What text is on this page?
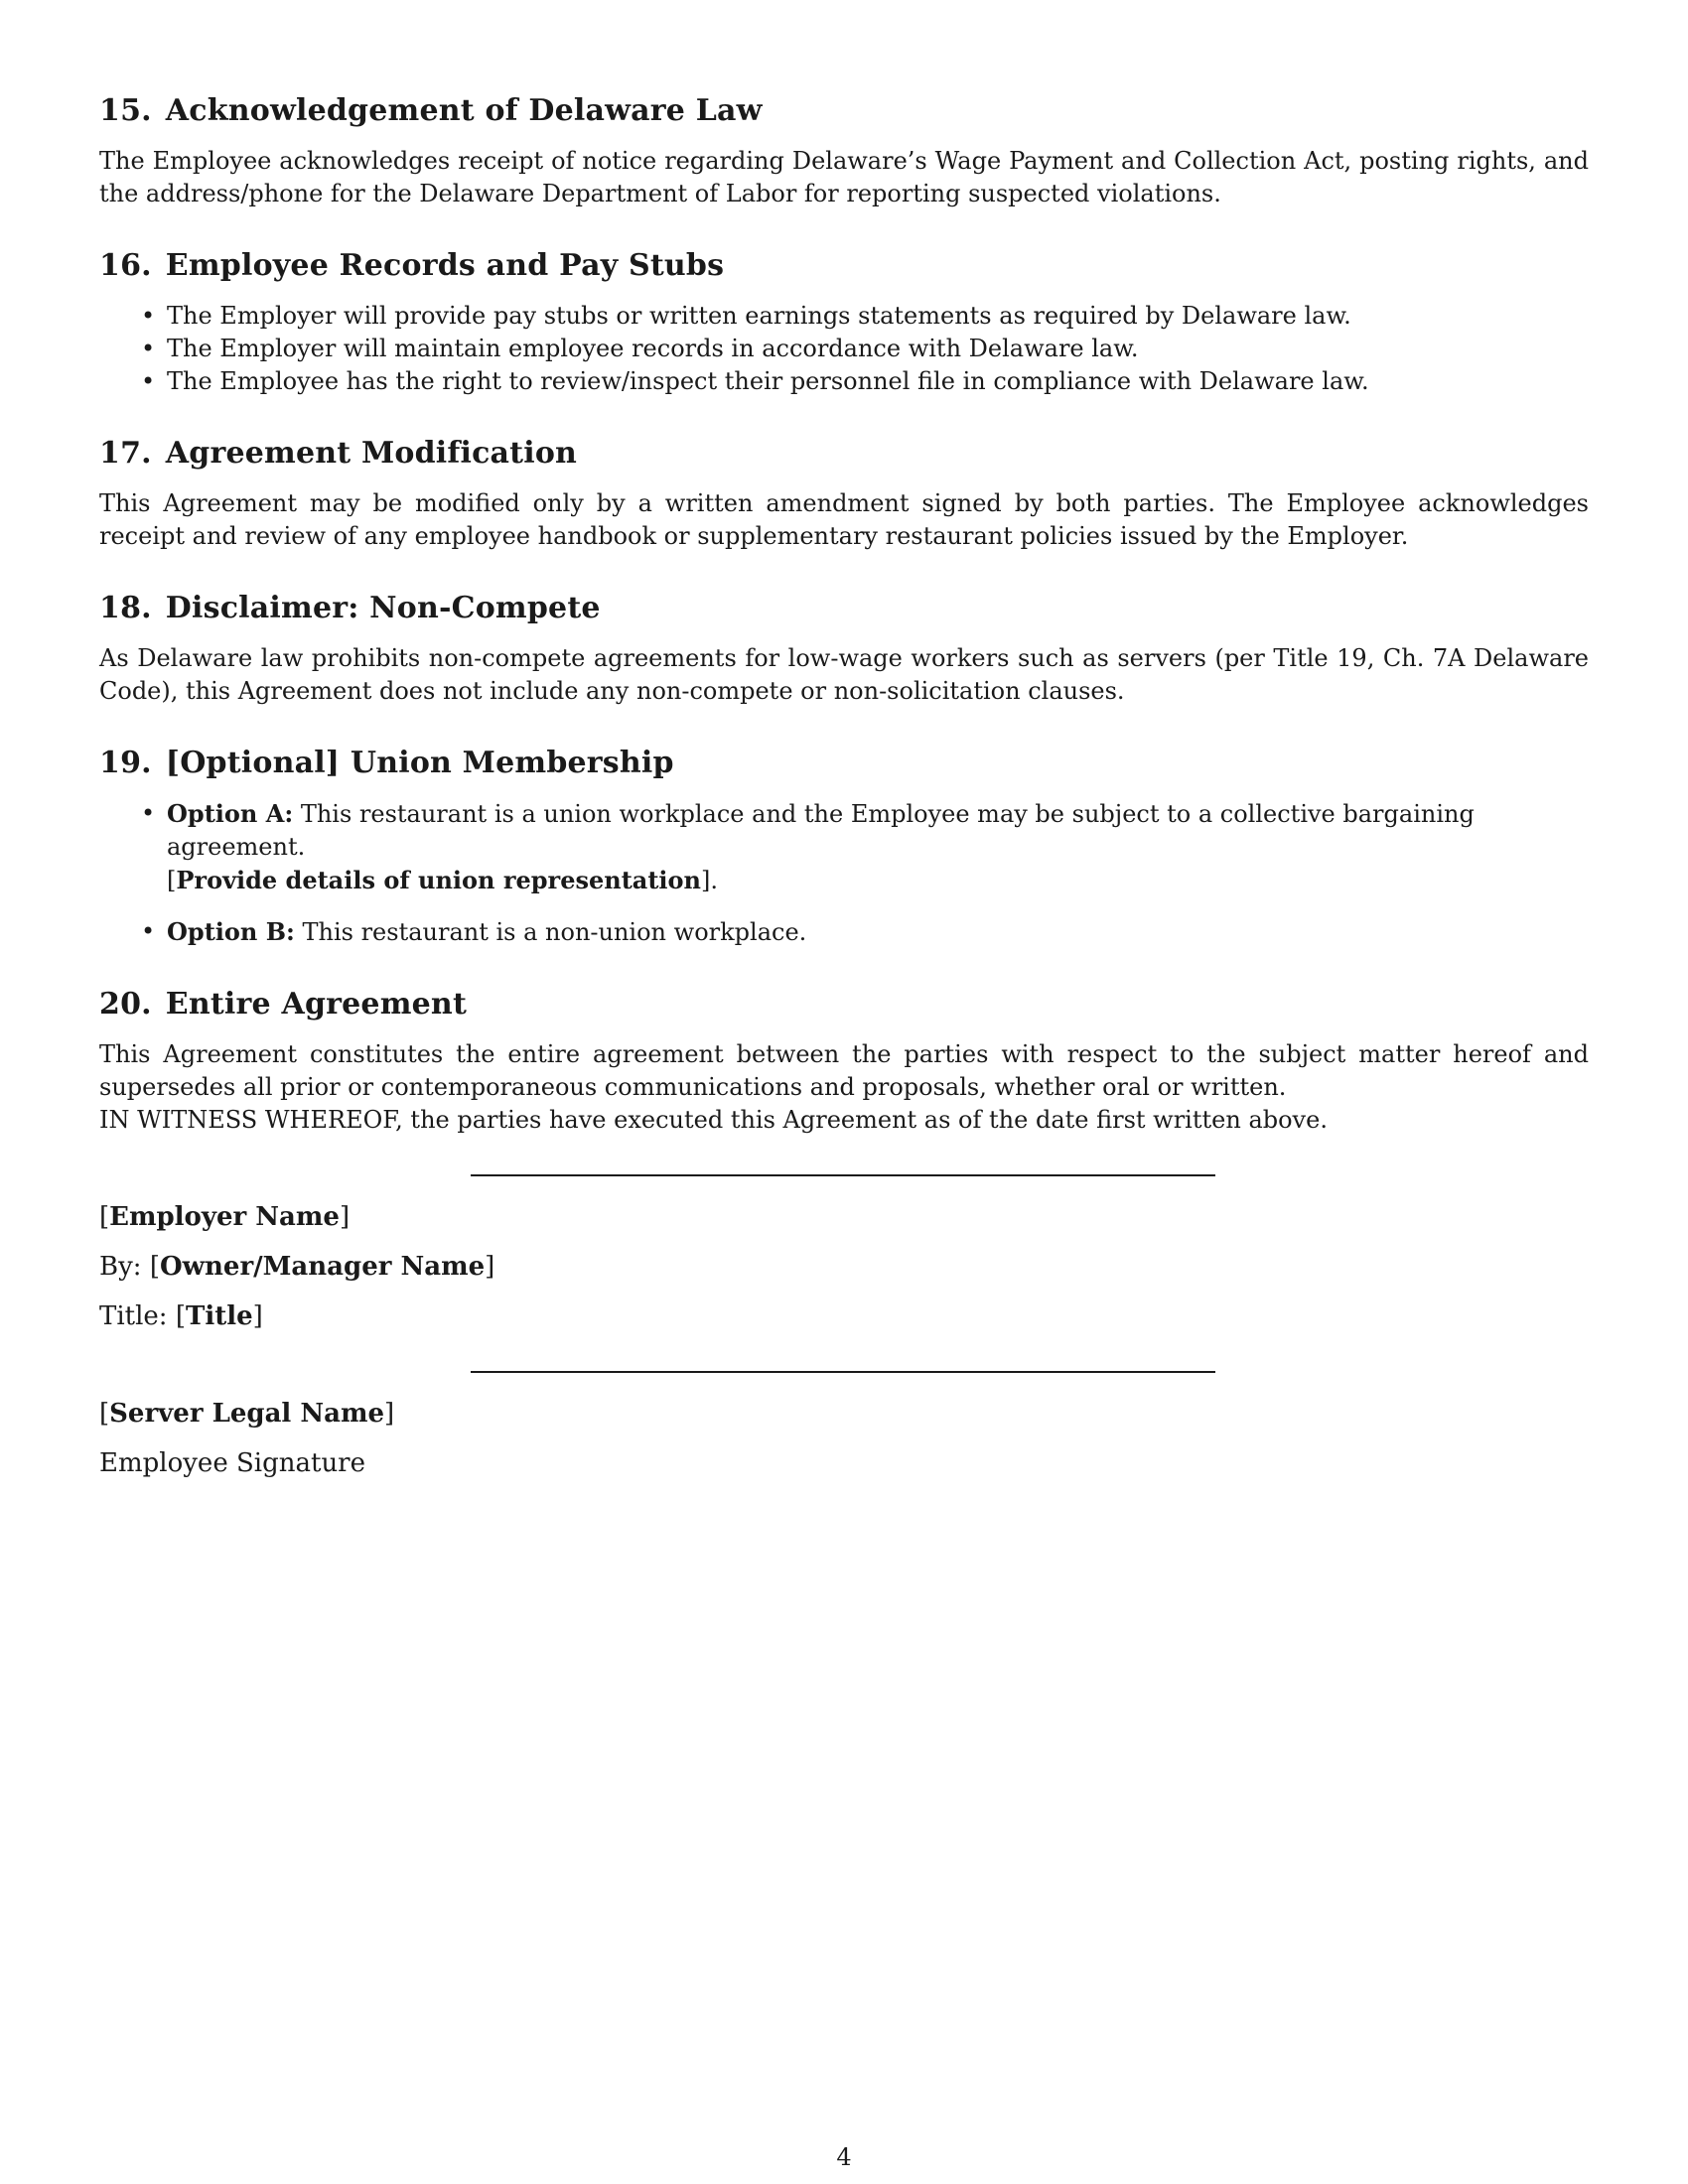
15. Acknowledgement of Delaware Law

The Employee acknowledges receipt of notice regarding Delaware’s Wage Payment and Collection Act, posting rights, and the address/phone for the Delaware Department of Labor for reporting suspected violations.

16. Employee Records and Pay Stubs
• The Employer will provide pay stubs or written earnings statements as required by Delaware law.
• The Employer will maintain employee records in accordance with Delaware law.
• The Employee has the right to review/inspect their personnel file in compliance with Delaware law.
17. Agreement Modification

This Agreement may be modified only by a written amendment signed by both parties. The Employee acknowledges receipt and review of any employee handbook or supplementary restaurant policies issued by the Employer.

18. Disclaimer: Non-Compete

As Delaware law prohibits non-compete agreements for low-wage workers such as servers (per Title 19, Ch. 7A Delaware Code), this Agreement does not include any non-compete or non-solicitation clauses.

19. [Optional] Union Membership
• Option A: This restaurant is a union workplace and the Employee may be subject to a collective bargaining agreement.
[Provide details of union representation].
• Option B: This restaurant is a non-union workplace.
20. Entire Agreement

This Agreement constitutes the entire agreement between the parties with respect to the subject matter hereof and supersedes all prior or contemporaneous communications and proposals, whether oral or written.

IN WITNESS WHEREOF, the parties have executed this Agreement as of the date first written above.

[Employer Name]

By: [Owner/Manager Name]

Title: [Title]

[Server Legal Name]

Employee Signature

4
